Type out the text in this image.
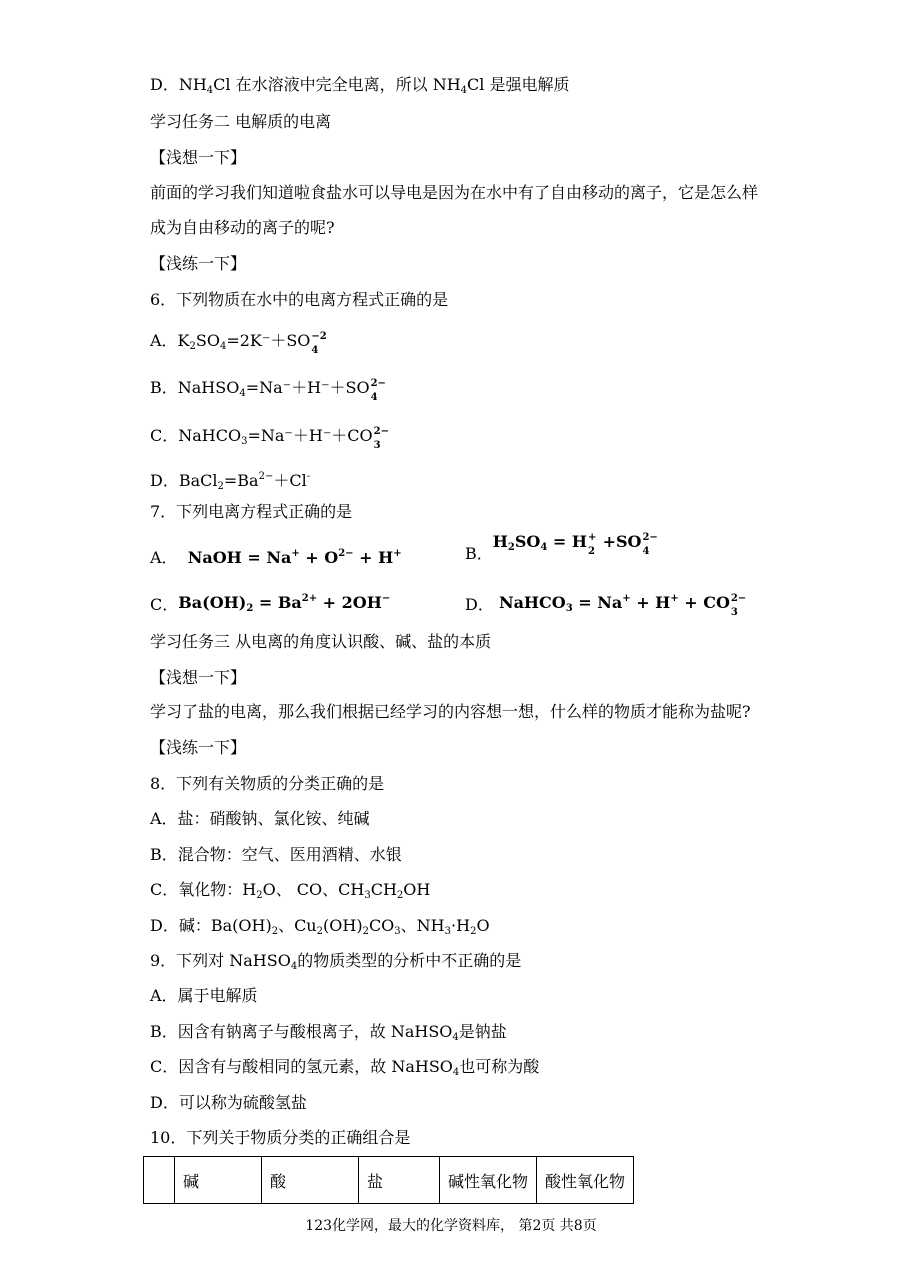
D．$NH_4Cl$ 在水溶液中完全电离，所以 $NH_4Cl$ 是强电解质
学习任务二 电解质的电离
【浅想一下】
前面的学习我们知道啦食盐水可以导电是因为在水中有了自由移动的离子，它是怎么样
成为自由移动的离子的呢?
【浅练一下】
6．下列物质在水中的电离方程式正确的是
A．$K_2SO_4=2K^-+SO -2$
4
B．NaHSO$_4$=Na⁻＋H⁻＋SO 2−
4
C．NaHCO$_3$=Na⁻＋H⁻＋CO 2−
3
D．$BaCl_2=Ba^{2-}+Cl^-$
7．下列电离方程式正确的是
A． NaOH = $Na^+ + O^{2-} + H^+$	B．$H_2SO_4 = H$ +
2 +SO 2−
4
C．$Ba(OH)_2 = Ba^{2+} + 2OH^-$	D． NaHCO$_3$ = Na+ + H+ + CO 2−
3
学习任务三 从电离的角度认识酸、碱、盐的本质
【浅想一下】
学习了盐的电离，那么我们根据已经学习的内容想一想，什么样的物质才能称为盐呢?
【浅练一下】
8．下列有关物质的分类正确的是
A．盐：硝酸钠、氯化铵、纯碱
B．混合物：空气、医用酒精、水银
C．氧化物：$H_2O$、 CO、$CH_3CH_2OH$
D．碱：$Ba(OH)_2$、$Cu_2(OH)_2CO_3$、$NH_3\cdot H_2O$
9．下列对 NaHSO$_4$的物质类型的分析中不正确的是
A．属于电解质
B．因含有钠离子与酸根离子，故 NaHSO$_4$是钠盐
C．因含有与酸相同的氢元素，故 NaHSO$_4$也可称为酸
D．可以称为硫酸氢盐
10．下列关于物质分类的正确组合是
	碱	酸	盐	碱性氧化物	酸性氧化物
123化学网，最大的化学资料库， 第2页 共8页
